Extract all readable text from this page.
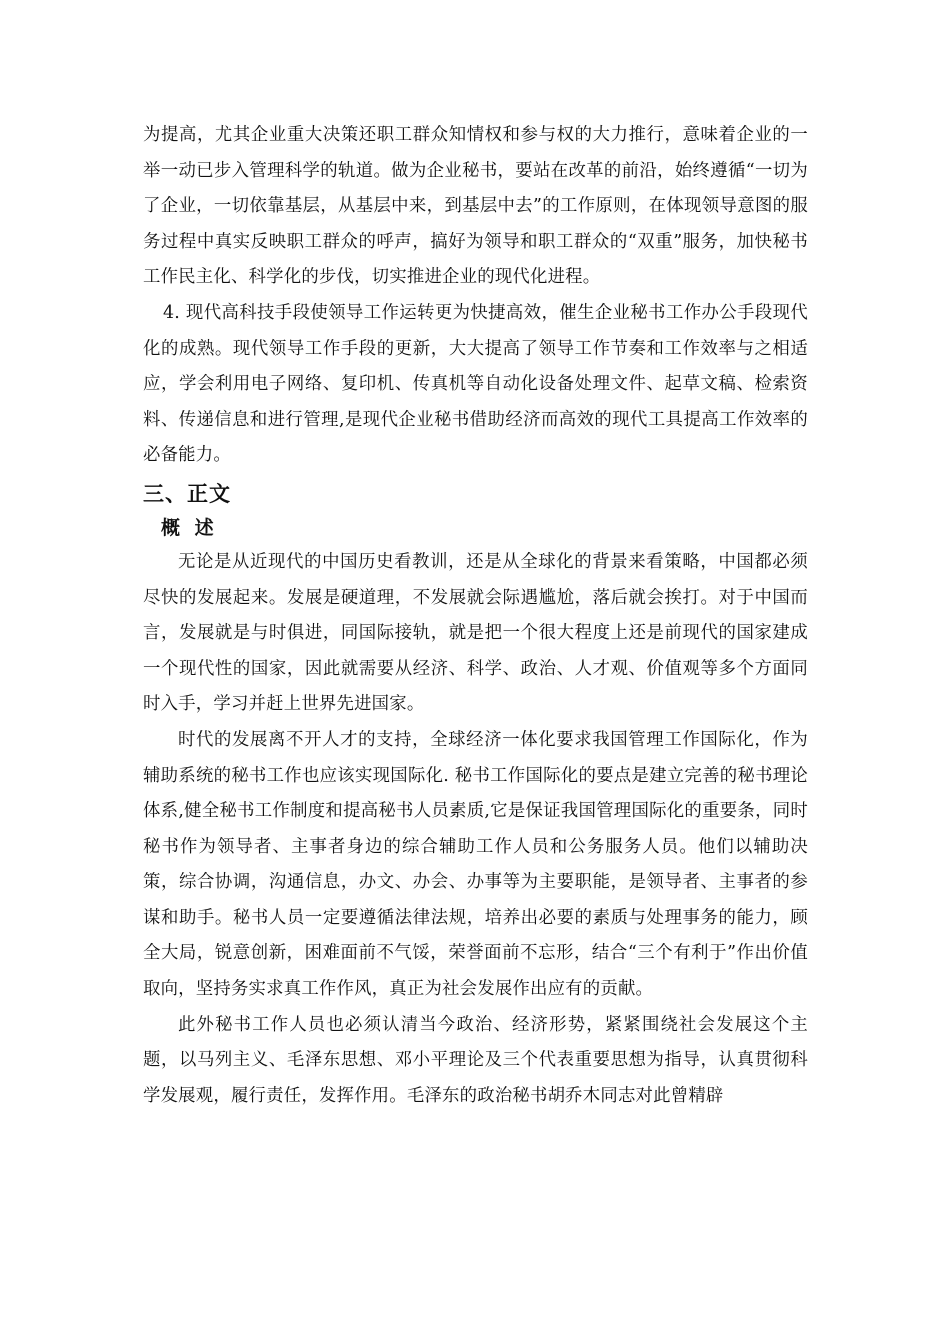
为提高，尤其企业重大决策还职工群众知情权和参与权的大力推行，意味着企业的一举一动已步入管理科学的轨道。做为企业秘书，要站在改革的前沿，始终遵循“一切为了企业，一切依靠基层，从基层中来，到基层中去”的工作原则，在体现领导意图的服务过程中真实反映职工群众的呼声，搞好为领导和职工群众的“双重”服务，加快秘书工作民主化、科学化的步伐，切实推进企业的现代化进程。

4. 现代高科技手段使领导工作运转更为快捷高效，催生企业秘书工作办公手段现代化的成熟。现代领导工作手段的更新，大大提高了领导工作节奏和工作效率与之相适应，学会利用电子网络、复印机、传真机等自动化设备处理文件、起草文稿、检索资料、传递信息和进行管理,是现代企业秘书借助经济而高效的现代工具提高工作效率的必备能力。

三、正文
概 述

无论是从近现代的中国历史看教训，还是从全球化的背景来看策略，中国都必须尽快的发展起来。发展是硬道理，不发展就会际遇尴尬，落后就会挨打。对于中国而言，发展就是与时俱进，同国际接轨，就是把一个很大程度上还是前现代的国家建成一个现代性的国家，因此就需要从经济、科学、政治、人才观、价值观等多个方面同时入手，学习并赶上世界先进国家。

时代的发展离不开人才的支持，全球经济一体化要求我国管理工作国际化，作为辅助系统的秘书工作也应该实现国际化. 秘书工作国际化的要点是建立完善的秘书理论体系,健全秘书工作制度和提高秘书人员素质,它是保证我国管理国际化的重要条，同时秘书作为领导者、主事者身边的综合辅助工作人员和公务服务人员。他们以辅助决策，综合协调，沟通信息，办文、办会、办事等为主要职能，是领导者、主事者的参谋和助手。秘书人员一定要遵循法律法规，培养出必要的素质与处理事务的能力，顾全大局，锐意创新，困难面前不气馁，荣誉面前不忘形，结合“三个有利于”作出价值取向，坚持务实求真工作作风，真正为社会发展作出应有的贡献。

此外秘书工作人员也必须认清当今政治、经济形势，紧紧围绕社会发展这个主题，以马列主义、毛泽东思想、邓小平理论及三个代表重要思想为指导，认真贯彻科学发展观，履行责任，发挥作用。毛泽东的政治秘书胡乔木同志对此曾精辟
